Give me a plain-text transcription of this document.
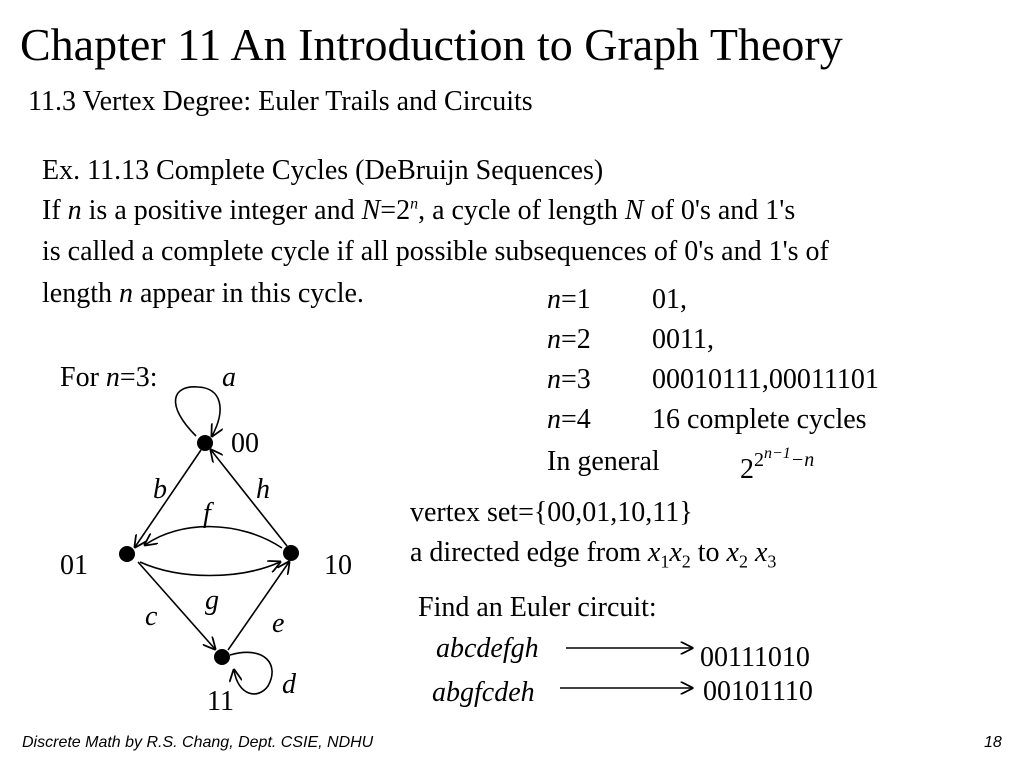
Chapter 11 An Introduction to Graph Theory
11.3 Vertex Degree: Euler Trails and Circuits
Ex. 11.13 Complete Cycles (DeBruijn Sequences)
If n is a positive integer and $N=2^n$, a cycle of length N of 0's and 1's
is called a complete cycle if all possible subsequences of 0's and 1's of
length n appear in this cycle.	n=1 01,
n=2 0011,
n=3 00010111,00011101
n=4 16 complete cycles
In general	$2^{2^{n-1}-n}$
vertex set={00,01,10,11}
a directed edge from $x_1x_2$ to $x_2$ $x_3$
Find an Euler circuit:
abcdefgh	00111010
abgfcdeh	00101110
For n=3:
00
01	10
11
a
b
c
d
e
f
g
h
Discrete Math by R.S. Chang, Dept. CSIE, NDHU	18
